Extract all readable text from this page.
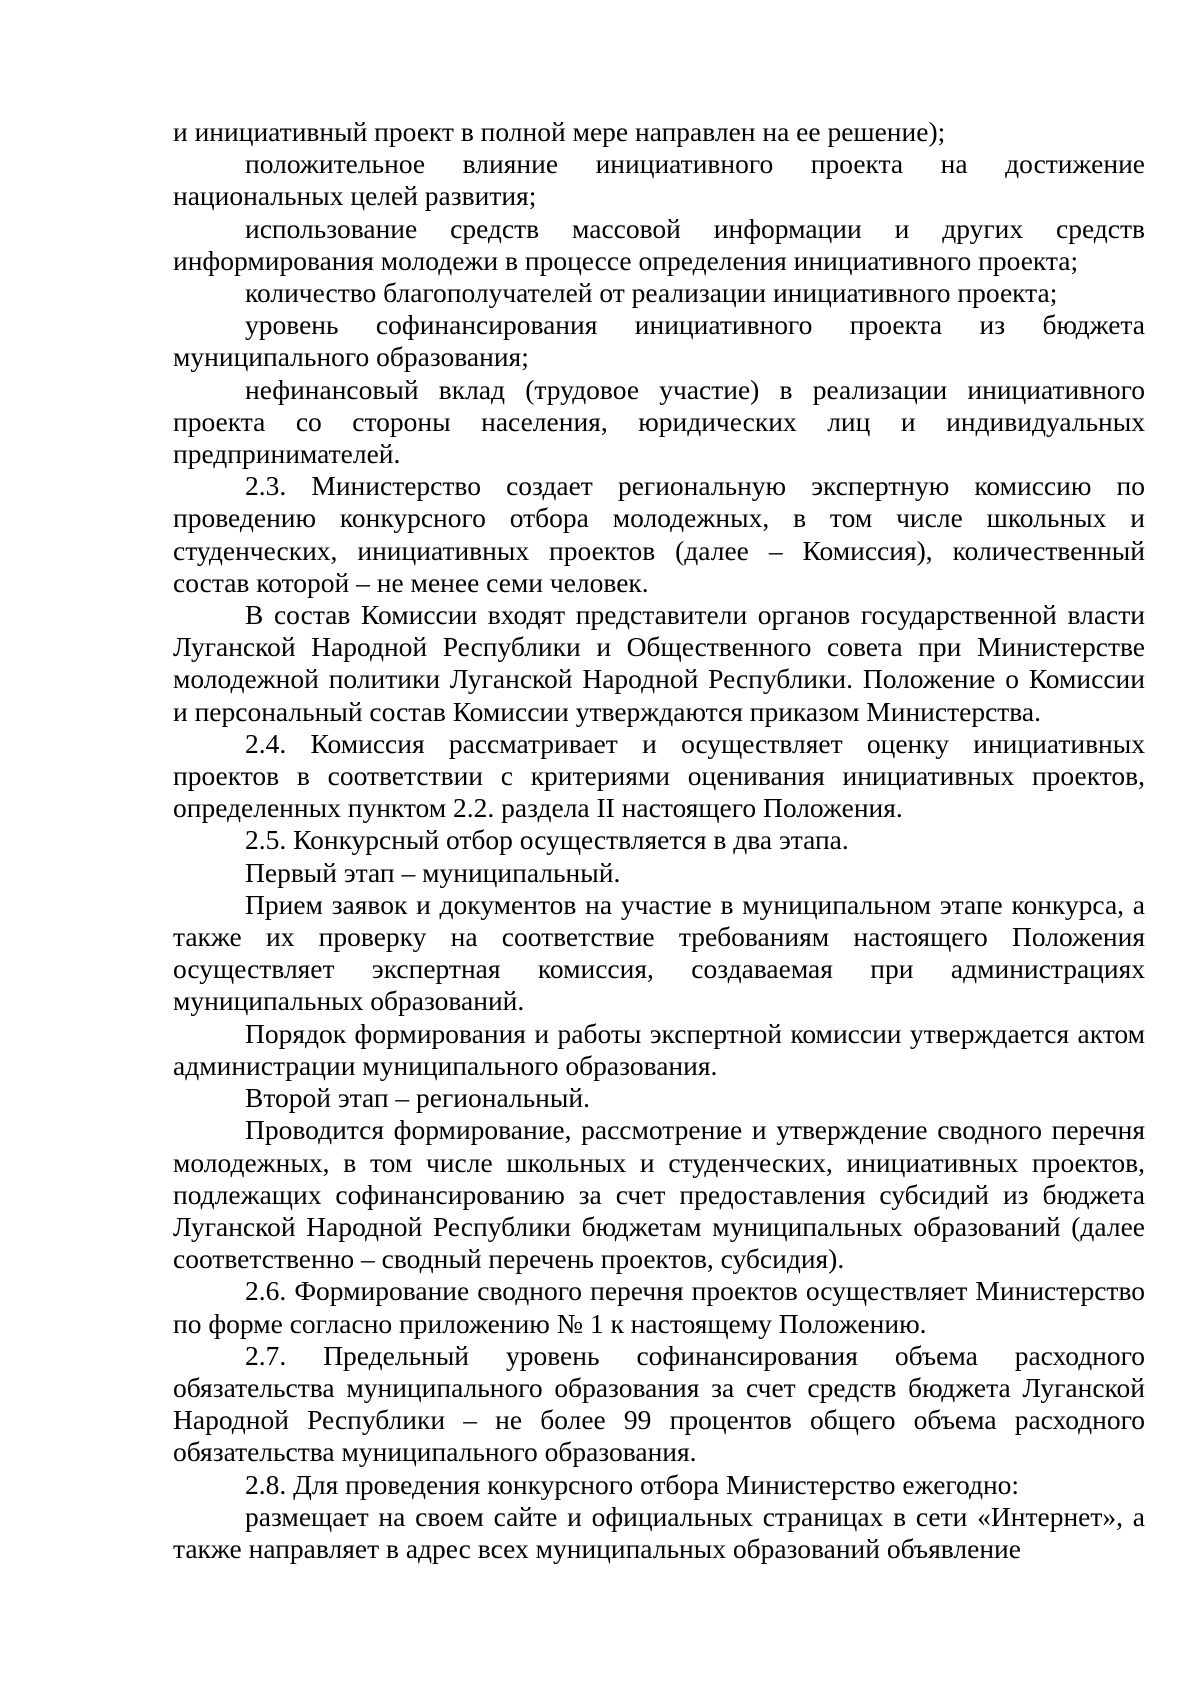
и инициативный проект в полной мере направлен на ее решение);

положительное влияние инициативного проекта на достижение национальных целей развития;

использование средств массовой информации и других средств информирования молодежи в процессе определения инициативного проекта;

количество благополучателей от реализации инициативного проекта;

уровень софинансирования инициативного проекта из бюджета муниципального образования;

нефинансовый вклад (трудовое участие) в реализации инициативного проекта со стороны населения, юридических лиц и индивидуальных предпринимателей.

2.3. Министерство создает региональную экспертную комиссию по проведению конкурсного отбора молодежных, в том числе школьных и студенческих, инициативных проектов (далее – Комиссия), количественный состав которой – не менее семи человек.

В состав Комиссии входят представители органов государственной власти Луганской Народной Республики и Общественного совета при Министерстве молодежной политики Луганской Народной Республики. Положение о Комиссии и персональный состав Комиссии утверждаются приказом Министерства.

2.4. Комиссия рассматривает и осуществляет оценку инициативных проектов в соответствии с критериями оценивания инициативных проектов, определенных пунктом 2.2. раздела II настоящего Положения.

2.5. Конкурсный отбор осуществляется в два этапа.

Первый этап – муниципальный.

Прием заявок и документов на участие в муниципальном этапе конкурса, а также их проверку на соответствие требованиям настоящего Положения осуществляет экспертная комиссия, создаваемая при администрациях муниципальных образований.

Порядок формирования и работы экспертной комиссии утверждается актом администрации муниципального образования.

Второй этап – региональный.

Проводится формирование, рассмотрение и утверждение сводного перечня молодежных, в том числе школьных и студенческих, инициативных проектов, подлежащих софинансированию за счет предоставления субсидий из бюджета Луганской Народной Республики бюджетам муниципальных образований (далее соответственно – сводный перечень проектов, субсидия).

2.6. Формирование сводного перечня проектов осуществляет Министерство по форме согласно приложению № 1 к настоящему Положению.

2.7. Предельный уровень софинансирования объема расходного обязательства муниципального образования за счет средств бюджета Луганской Народной Республики – не более 99 процентов общего объема расходного обязательства муниципального образования.

2.8. Для проведения конкурсного отбора Министерство ежегодно:

размещает на своем сайте и официальных страницах в сети «Интернет», а также направляет в адрес всех муниципальных образований объявление
